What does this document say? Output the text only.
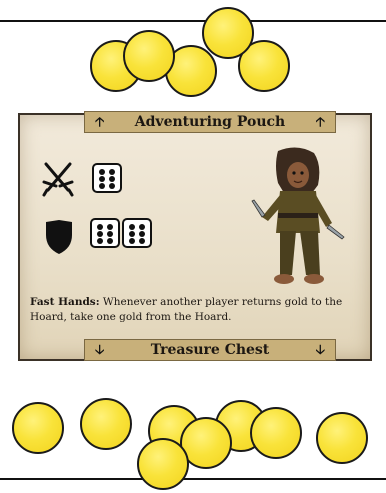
🡡 Adventuring Pouch 🡡
🡣	Treasure Chest	🡣
Fast Hands: Whenever another player returns gold to the Hoard, take one gold from the Hoard.
